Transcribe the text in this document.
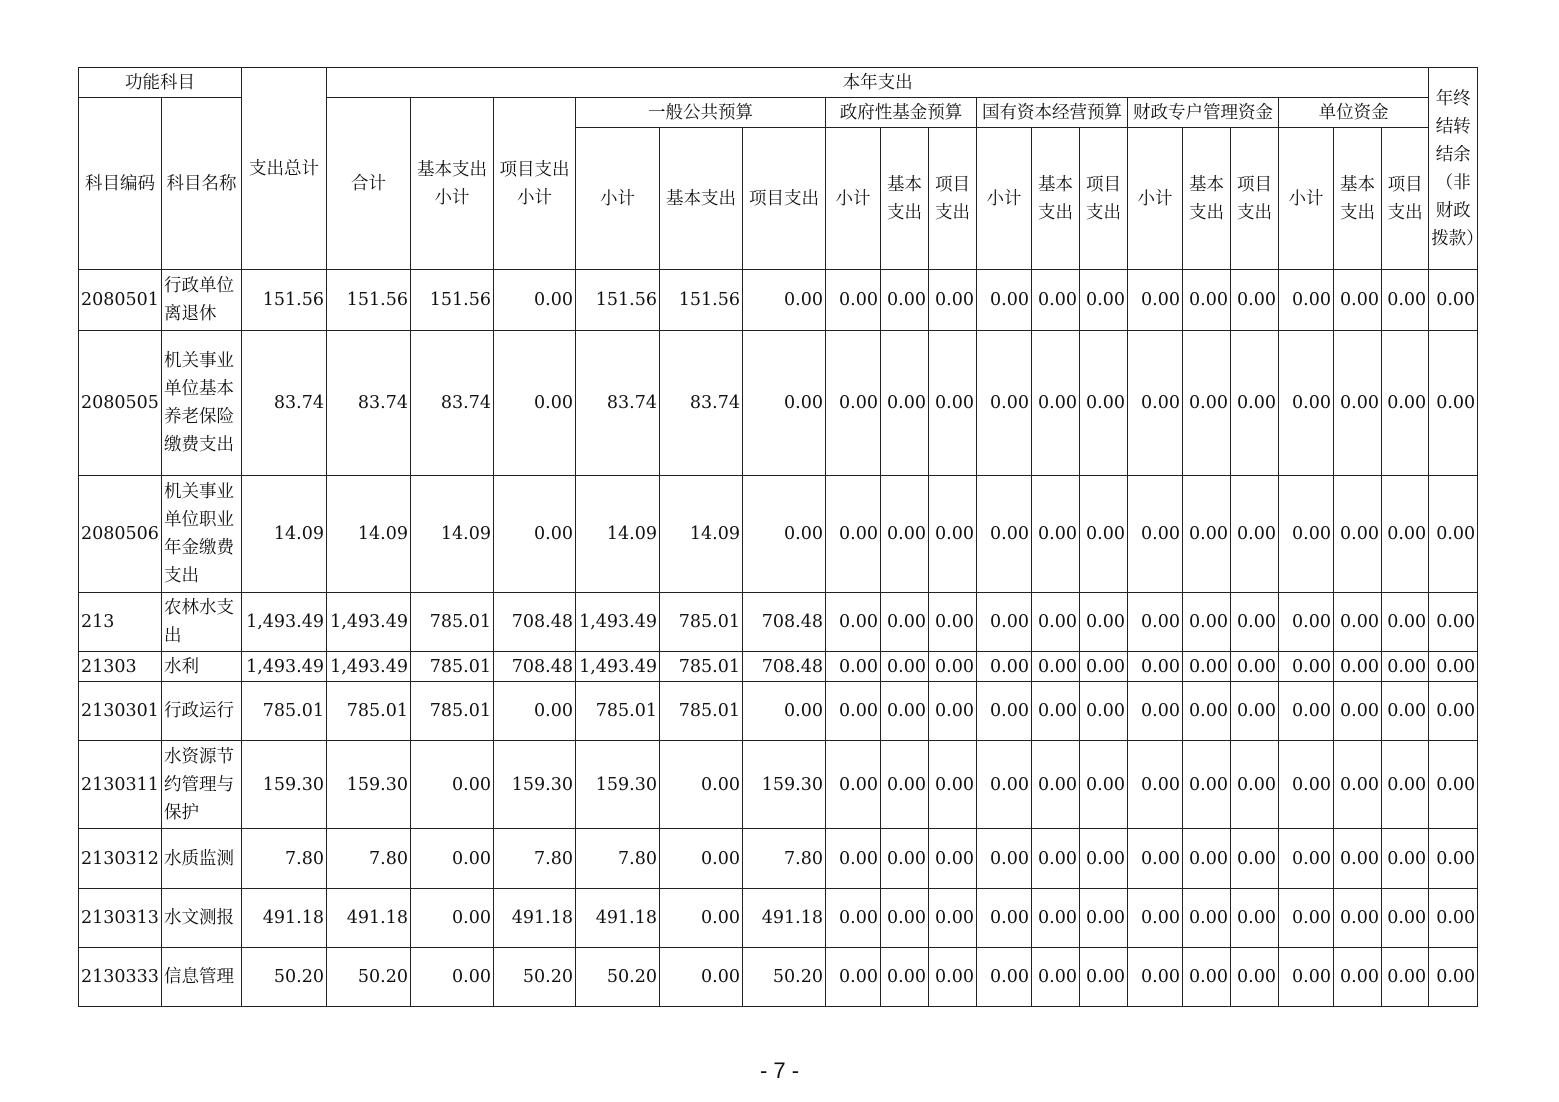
功能科目		支出总计	本年支出																		年终结转结余（非财政拨款）
科目编码	科目名称		合计	基本支出小计	项目支出小计	一般公共预算			政府性基金预算			国有资本经营预算			财政专户管理资金			单位资金			
						小计	基本支出	项目支出	小计	基本支出	项目支出	小计	基本支出	项目支出	小计	基本支出	项目支出	小计	基本支出	项目支出	
2080501	行政单位离退休	151.56	151.56	151.56	0.00	151.56	151.56	0.00	0.00	0.00	0.00	0.00	0.00	0.00	0.00	0.00	0.00	0.00	0.00	0.00	0.00
2080505	机关事业单位基本养老保险缴费支出	83.74	83.74	83.74	0.00	83.74	83.74	0.00	0.00	0.00	0.00	0.00	0.00	0.00	0.00	0.00	0.00	0.00	0.00	0.00	0.00
2080506	机关事业单位职业年金缴费支出	14.09	14.09	14.09	0.00	14.09	14.09	0.00	0.00	0.00	0.00	0.00	0.00	0.00	0.00	0.00	0.00	0.00	0.00	0.00	0.00
213	农林水支出	1,493.49	1,493.49	785.01	708.48	1,493.49	785.01	708.48	0.00	0.00	0.00	0.00	0.00	0.00	0.00	0.00	0.00	0.00	0.00	0.00	0.00
21303	水利	1,493.49	1,493.49	785.01	708.48	1,493.49	785.01	708.48	0.00	0.00	0.00	0.00	0.00	0.00	0.00	0.00	0.00	0.00	0.00	0.00	0.00
2130301	行政运行	785.01	785.01	785.01	0.00	785.01	785.01	0.00	0.00	0.00	0.00	0.00	0.00	0.00	0.00	0.00	0.00	0.00	0.00	0.00	0.00
2130311	水资源节约管理与保护	159.30	159.30	0.00	159.30	159.30	0.00	159.30	0.00	0.00	0.00	0.00	0.00	0.00	0.00	0.00	0.00	0.00	0.00	0.00	0.00
2130312	水质监测	7.80	7.80	0.00	7.80	7.80	0.00	7.80	0.00	0.00	0.00	0.00	0.00	0.00	0.00	0.00	0.00	0.00	0.00	0.00	0.00
2130313	水文测报	491.18	491.18	0.00	491.18	491.18	0.00	491.18	0.00	0.00	0.00	0.00	0.00	0.00	0.00	0.00	0.00	0.00	0.00	0.00	0.00
2130333	信息管理	50.20	50.20	0.00	50.20	50.20	0.00	50.20	0.00	0.00	0.00	0.00	0.00	0.00	0.00	0.00	0.00	0.00	0.00	0.00	0.00
- 7 -
